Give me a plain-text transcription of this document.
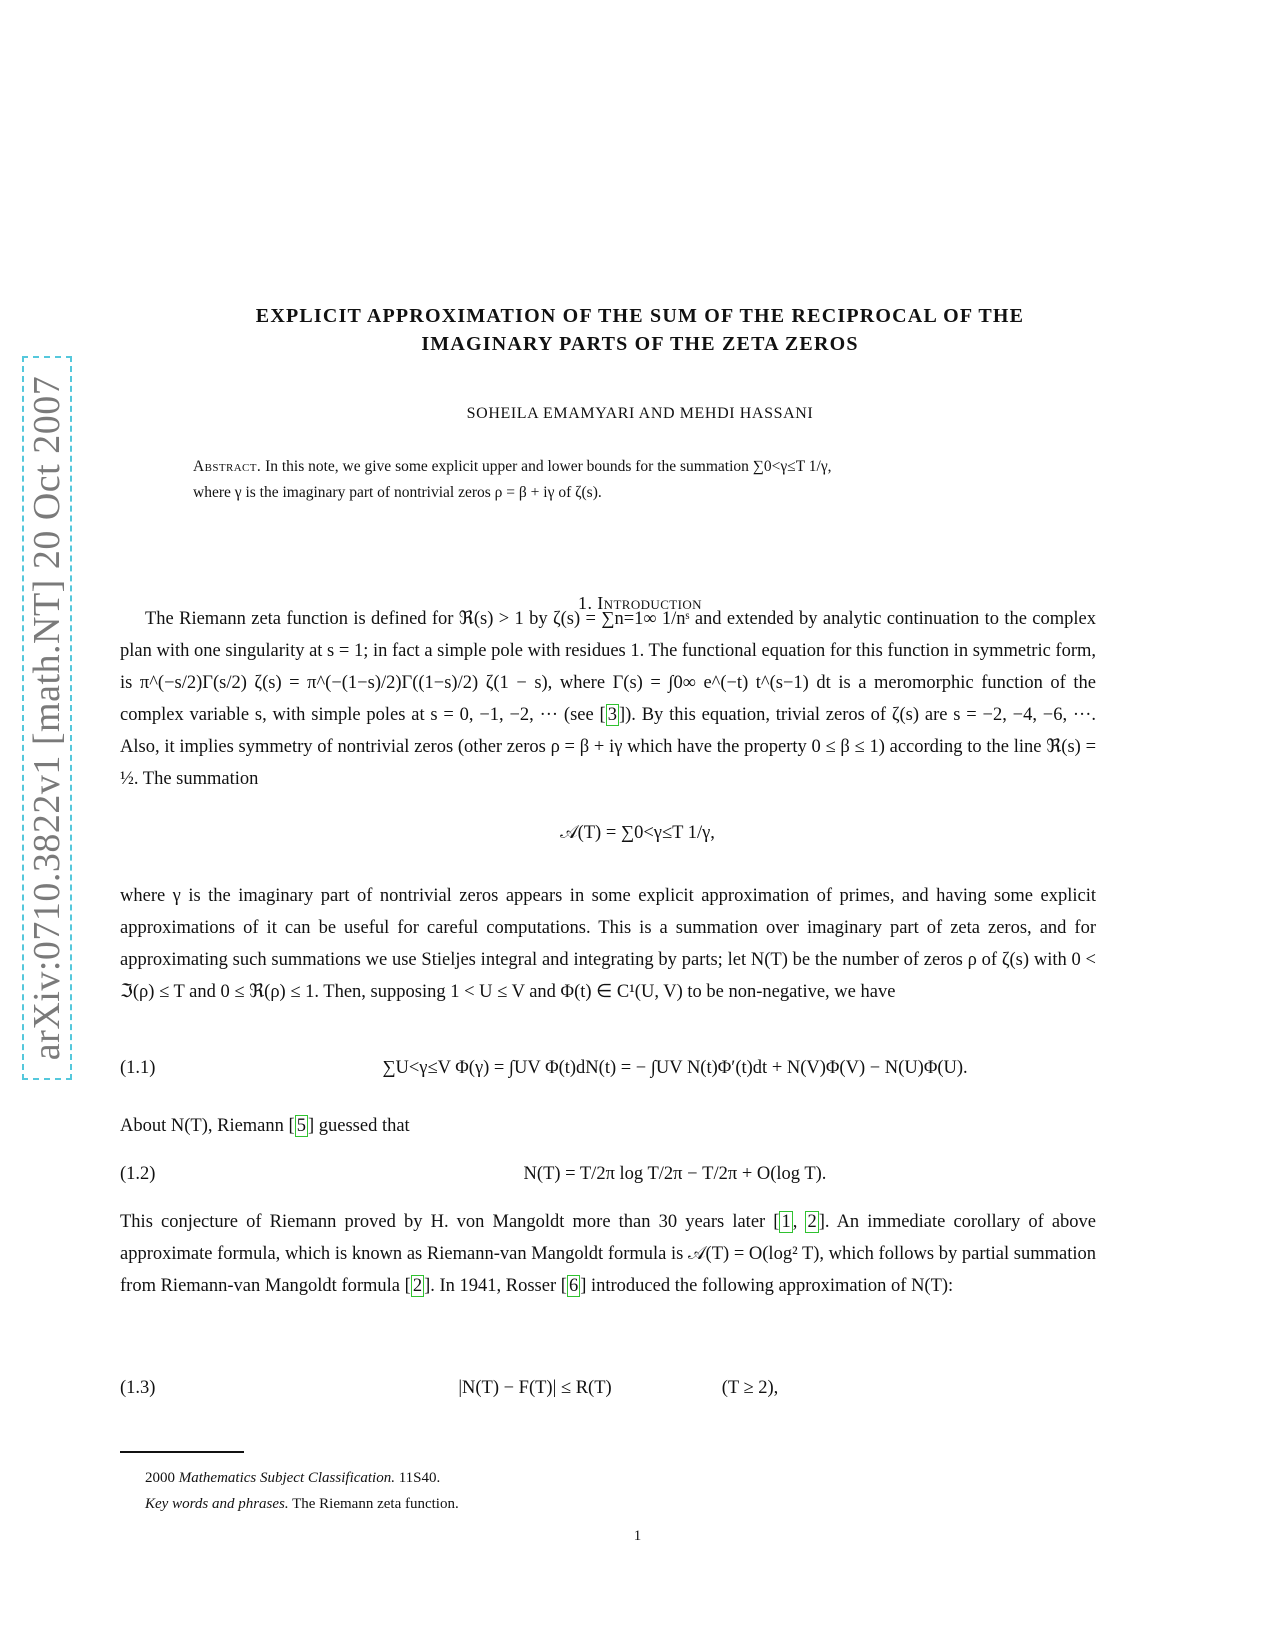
arXiv:0710.3822v1 [math.NT] 20 Oct 2007
EXPLICIT APPROXIMATION OF THE SUM OF THE RECIPROCAL OF THE
IMAGINARY PARTS OF THE ZETA ZEROS
SOHEILA EMAMYARI AND MEHDI HASSANI
Abstract. In this note, we give some explicit upper and lower bounds for the summation ∑0<γ≤T 1/γ,
where γ is the imaginary part of nontrivial zeros ρ = β + iγ of ζ(s).
1. Introduction
The Riemann zeta function is defined for ℜ(s) > 1 by ζ(s) = ∑n=1∞ 1/nˢ and extended by analytic continuation to the complex plan with one singularity at s = 1; in fact a simple pole with residues 1. The functional equation for this function in symmetric form, is π^(−s/2)Γ(s/2) ζ(s) = π^(−(1−s)/2)Γ((1−s)/2) ζ(1 − s), where Γ(s) = ∫0∞ e^(−t) t^(s−1) dt is a meromorphic function of the complex variable s, with simple poles at s = 0, −1, −2, ··· (see [ 3 ]). By this equation, trivial zeros of ζ(s) are s = −2, −4, −6, ···. Also, it implies symmetry of nontrivial zeros (other zeros ρ = β + iγ which have the property 0 ≤ β ≤ 1) according to the line ℜ(s) = ½. The summation
𝒜(T) = ∑0<γ≤T 1/γ,
where γ is the imaginary part of nontrivial zeros appears in some explicit approximation of primes, and having some explicit approximations of it can be useful for careful computations. This is a summation over imaginary part of zeta zeros, and for approximating such summations we use Stieljes integral and integrating by parts; let N(T) be the number of zeros ρ of ζ(s) with 0 < ℑ(ρ) ≤ T and 0 ≤ ℜ(ρ) ≤ 1. Then, supposing 1 < U ≤ V and Φ(t) ∈ C¹(U, V) to be non-negative, we have
(1.1)	∑U<γ≤V Φ(γ) = ∫UV Φ(t)dN(t) = − ∫UV N(t)Φ′(t)dt + N(V)Φ(V) − N(U)Φ(U).
About N(T), Riemann [ 5 ] guessed that
(1.2)	N(T) = T/2π log T/2π − T/2π + O(log T).
This conjecture of Riemann proved by H. von Mangoldt more than 30 years later [ 1 , 2 ]. An immediate corollary of above approximate formula, which is known as Riemann-van Mangoldt formula is 𝒜(T) = O(log² T), which follows by partial summation from Riemann-van Mangoldt formula [ 2 ]. In 1941, Rosser [ 6 ] introduced the following approximation of N(T):
(1.3)	|N(T) − F(T)| ≤ R(T)	(T ≥ 2),
2000 Mathematics Subject Classification. 11S40.
Key words and phrases. The Riemann zeta function.
1
